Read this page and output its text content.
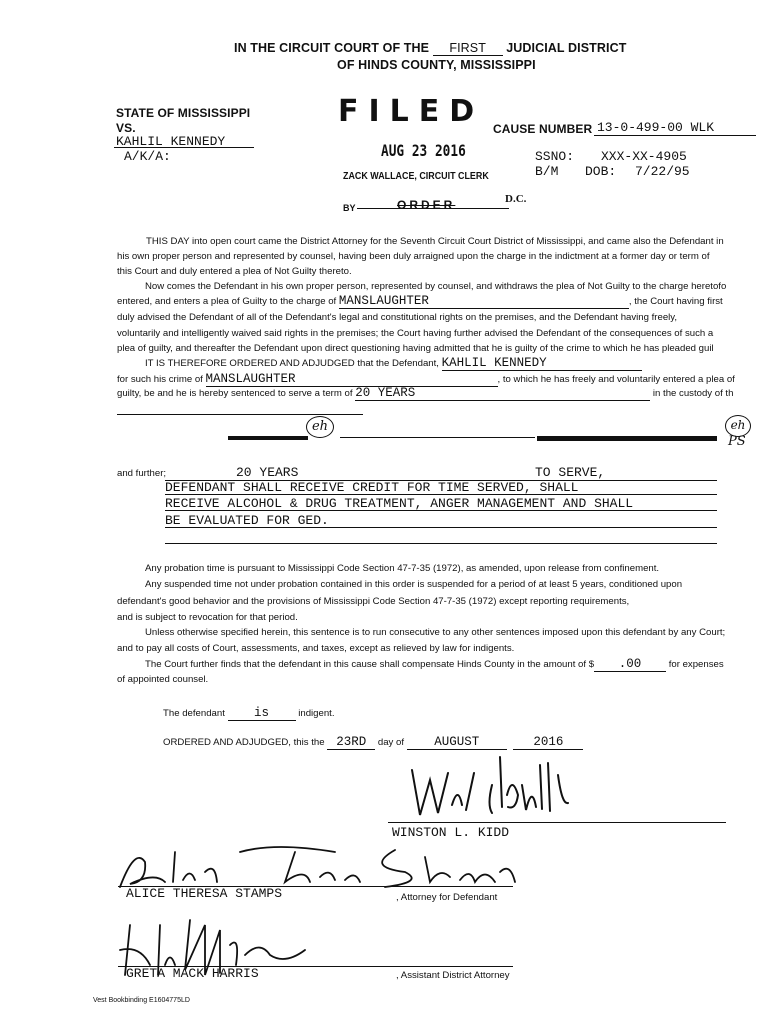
IN THE CIRCUIT COURT OF THE FIRST JUDICIAL DISTRICT
OF HINDS COUNTY, MISSISSIPPI
STATE OF MISSISSIPPI
VS.
KAHLIL KENNEDY
A/K/A:
FILED
AUG 23 2016
ZACK WALLACE, CIRCUIT CLERK
BY
D.C.
CAUSE NUMBER 13-0-499-00 WLK
SSNO: XXX-XX-4905
B/M DOB: 7/22/95
ORDER
THIS DAY into open court came the District Attorney for the Seventh Circuit Court District of Mississippi, and came also the Defendant in
his own proper person and represented by counsel, having been duly arraigned upon the charge in the indictment at a former day or term of
this Court and duly entered a plea of Not Guilty thereto.
Now comes the Defendant in his own proper person, represented by counsel, and withdraws the plea of Not Guilty to the charge heretofo
entered, and enters a plea of Guilty to the charge of MANSLAUGHTER	, the Court having first
duly advised the Defendant of all of the Defendant's legal and constitutional rights on the premises, and the Defendant having freely,
voluntarily and intelligently waived said rights in the premises; the Court having further advised the Defendant of the consequences of such a
plea of guilty, and thereafter the Defendant upon direct questioning having admitted that he is guilty of the crime to which he has pleaded guil
IT IS THEREFORE ORDERED AND ADJUDGED that the Defendant, KAHLIL KENNEDY
for such his crime of MANSLAUGHTER	, to which he has freely and voluntarily entered a plea of
guilty, be and he is hereby sentenced to serve a term of 20 YEARS	in the custody of th
eh	eh
PS
and further;	20 YEARS	TO SERVE,
DEFENDANT SHALL RECEIVE CREDIT FOR TIME SERVED, SHALL
RECEIVE ALCOHOL & DRUG TREATMENT, ANGER MANAGEMENT AND SHALL
BE EVALUATED FOR GED.
Any probation time is pursuant to Mississippi Code Section 47-7-35 (1972), as amended, upon release from confinement.
Any suspended time not under probation contained in this order is suspended for a period of at least 5 years, conditioned upon
defendant's good behavior and the provisions of Mississippi Code Section 47-7-35 (1972) except reporting requirements,
and is subject to revocation for that period.
Unless otherwise specified herein, this sentence is to run consecutive to any other sentences imposed upon this defendant by any Court;
and to pay all costs of Court, assessments, and taxes, except as relieved by law for indigents.
The Court further finds that the defendant in this cause shall compensate Hinds County in the amount of $ .00	for expenses
of appointed counsel.
The defendant is	indigent.
ORDERED AND ADJUDGED, this the 23RD day of AUGUST	2016
WINSTON L. KIDD
ALICE THERESA STAMPS	, Attorney for Defendant
GRETA MACK HARRIS	, Assistant District Attorney
Vest Bookbinding E1604775LD
